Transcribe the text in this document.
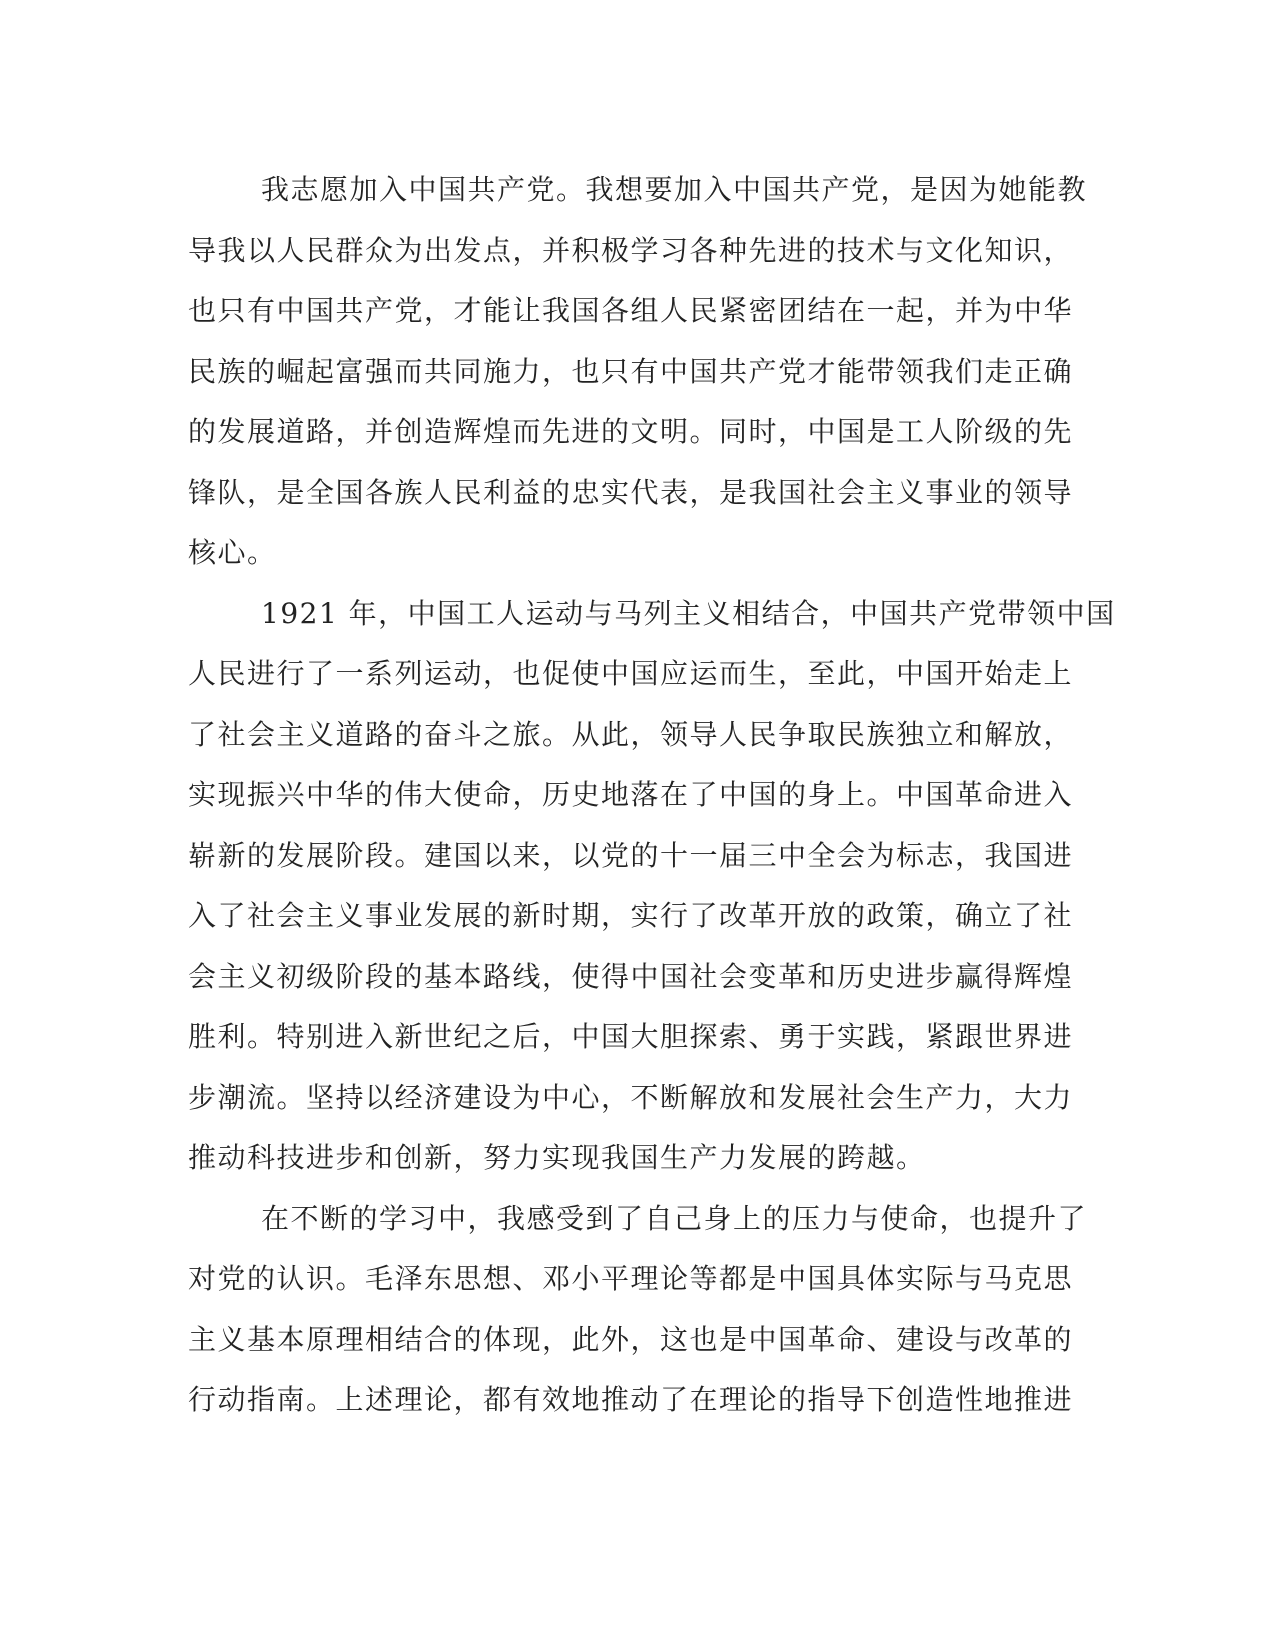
我志愿加入中国共产党。我想要加入中国共产党，是因为她能教
导我以人民群众为出发点，并积极学习各种先进的技术与文化知识，
也只有中国共产党，才能让我国各组人民紧密团结在一起，并为中华
民族的崛起富强而共同施力，也只有中国共产党才能带领我们走正确
的发展道路，并创造辉煌而先进的文明。同时，中国是工人阶级的先
锋队，是全国各族人民利益的忠实代表，是我国社会主义事业的领导
核心。
1921 年，中国工人运动与马列主义相结合，中国共产党带领中国
人民进行了一系列运动，也促使中国应运而生，至此，中国开始走上
了社会主义道路的奋斗之旅。从此，领导人民争取民族独立和解放，
实现振兴中华的伟大使命，历史地落在了中国的身上。中国革命进入
崭新的发展阶段。建国以来，以党的十一届三中全会为标志，我国进
入了社会主义事业发展的新时期，实行了改革开放的政策，确立了社
会主义初级阶段的基本路线，使得中国社会变革和历史进步赢得辉煌
胜利。特别进入新世纪之后，中国大胆探索、勇于实践，紧跟世界进
步潮流。坚持以经济建设为中心，不断解放和发展社会生产力，大力
推动科技进步和创新，努力实现我国生产力发展的跨越。
在不断的学习中，我感受到了自己身上的压力与使命，也提升了
对党的认识。毛泽东思想、邓小平理论等都是中国具体实际与马克思
主义基本原理相结合的体现，此外，这也是中国革命、建设与改革的
行动指南。上述理论，都有效地推动了在理论的指导下创造性地推进
